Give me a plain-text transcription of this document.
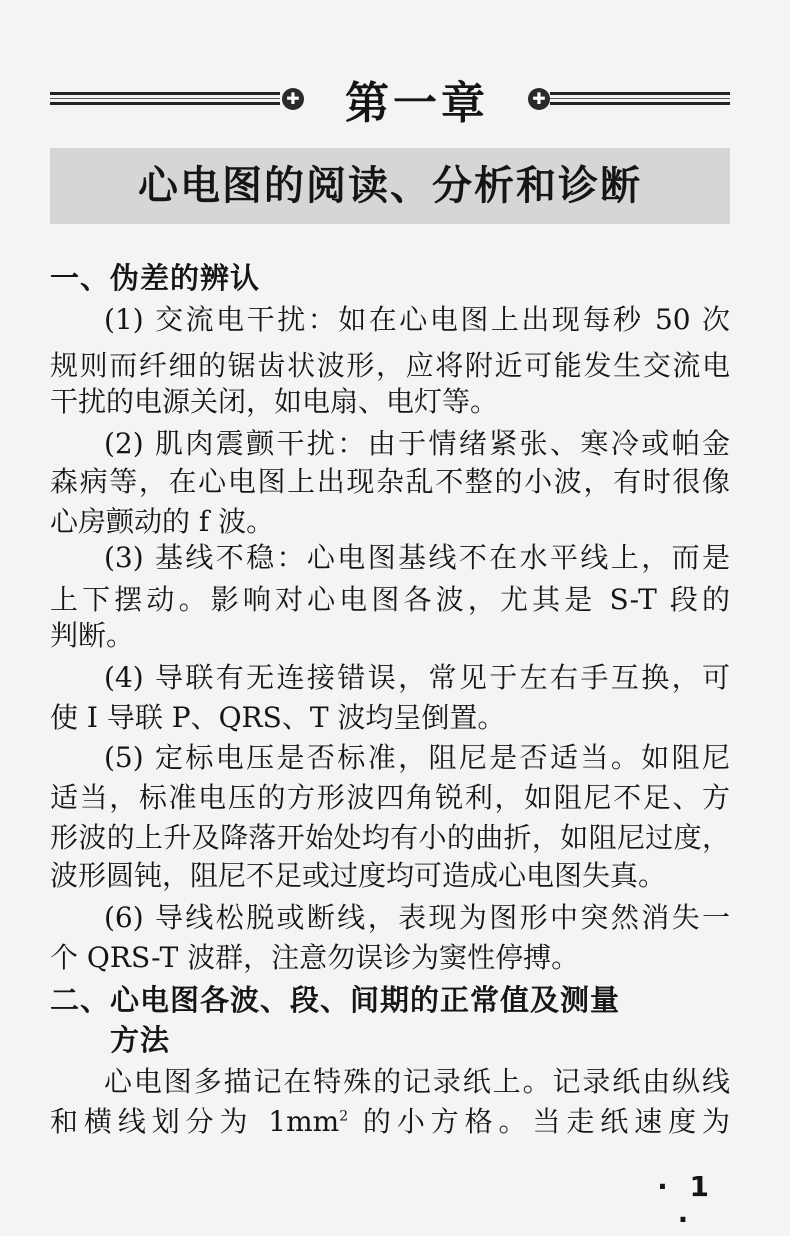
✚	第一章	✚
心电图的阅读、分析和诊断
一、伪差的辨认
(1) 交流电干扰：如在心电图上出现每秒 50 次
规则而纤细的锯齿状波形，应将附近可能发生交流电
干扰的电源关闭，如电扇、电灯等。
(2) 肌肉震颤干扰：由于情绪紧张、寒冷或帕金
森病等，在心电图上出现杂乱不整的小波，有时很像
心房颤动的 f 波。
(3) 基线不稳：心电图基线不在水平线上，而是
上下摆动。影响对心电图各波，尤其是 S-T 段的
判断。
(4) 导联有无连接错误，常见于左右手互换，可
使 Ⅰ 导联 P、QRS、T 波均呈倒置。
(5) 定标电压是否标准，阻尼是否适当。如阻尼
适当，标准电压的方形波四角锐利，如阻尼不足、方
形波的上升及降落开始处均有小的曲折，如阻尼过度，
波形圆钝，阻尼不足或过度均可造成心电图失真。
(6) 导线松脱或断线，表现为图形中突然消失一
个 QRS-T 波群，注意勿误诊为窦性停搏。
二、心电图各波、段、间期的正常值及测量
方法
心电图多描记在特殊的记录纸上。记录纸由纵线
和横线划分为 $1mm^2$ 的小方格。当走纸速度为
· 1 ·
